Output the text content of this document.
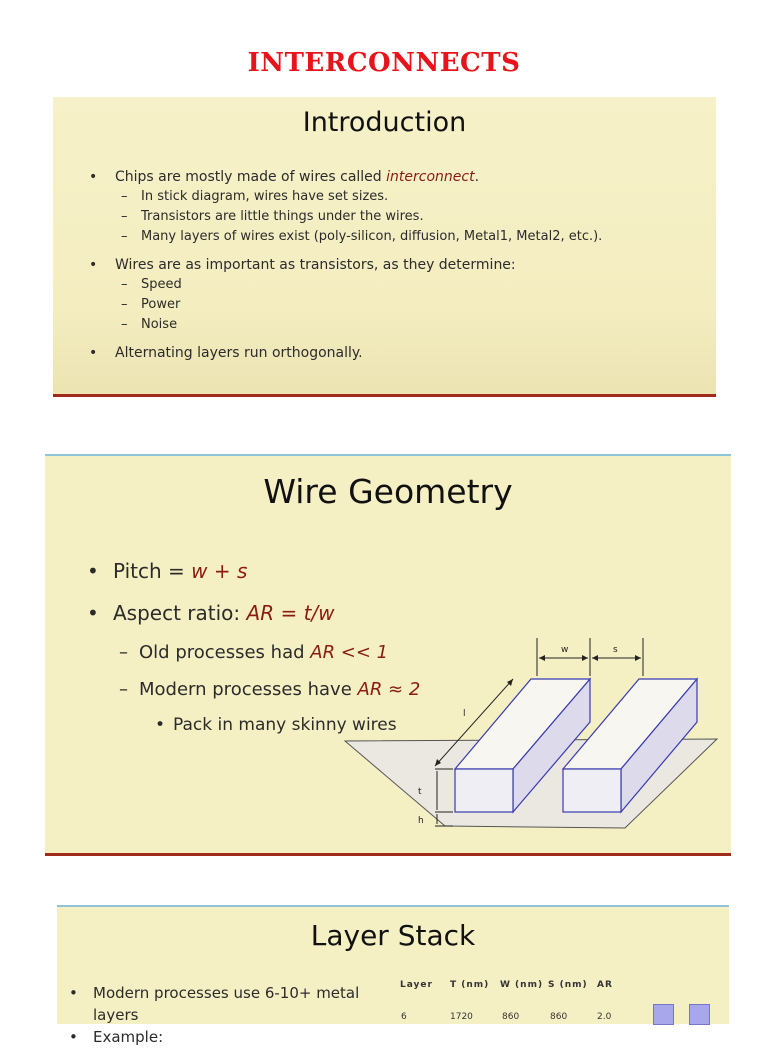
INTERCONNECTS
Introduction
• Chips are mostly made of wires called interconnect.
– In stick diagram, wires have set sizes.
– Transistors are little things under the wires.
– Many layers of wires exist (poly-silicon, diffusion, Metal1, Metal2, etc.).
• Wires are as important as transistors, as they determine:
– Speed
– Power
– Noise
• Alternating layers run orthogonally.
Wire Geometry
• Pitch = w + s
• Aspect ratio: AR = t/w
– Old processes had AR << 1
– Modern processes have AR ≈ 2
• Pack in many skinny wires
w	s
l
t
h
Layer Stack
• Modern processes use 6-10+ metal layers
• Example:
Layer T (nm) W (nm) S (nm) AR
6	1720	860	860	2.0
